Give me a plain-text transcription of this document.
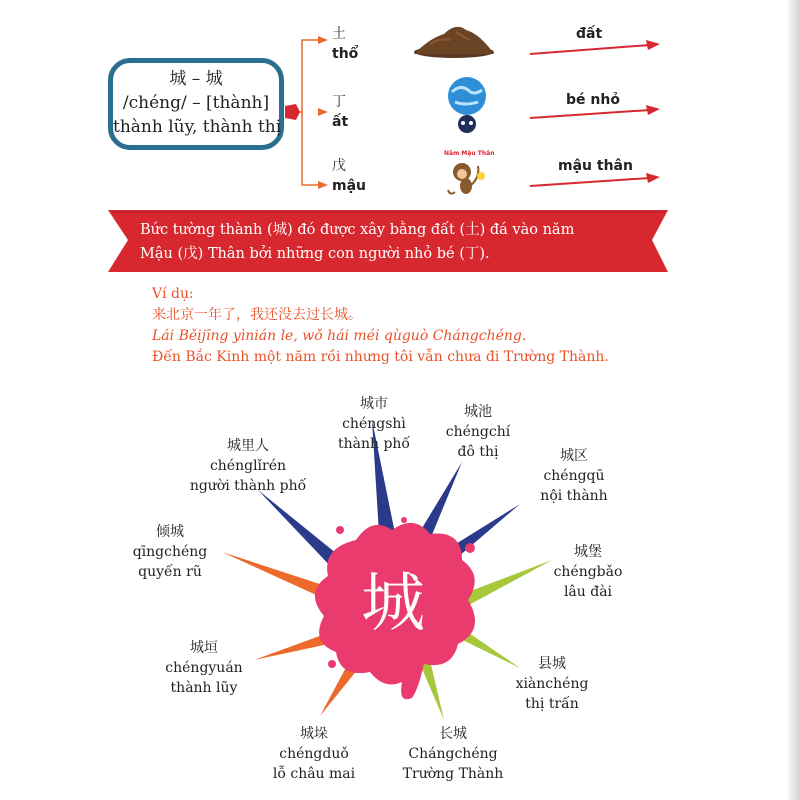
城 – 城
/chéng/ – [thành]
thành lũy, thành thị
土
thổ
丁
ất
戊
mậu
Năm Mậu Thân
đất
bé nhỏ
mậu thân
Bức tường thành (城) đó được xây bằng đất (土) đá vào năm
Mậu (戊) Thân bởi những con người nhỏ bé (丁).
Ví dụ:
来北京一年了，我还没去过长城。
Lái Běijīng yìnián le, wǒ hái méi qùguò Chángchéng.
Đến Bắc Kinh một năm rồi nhưng tôi vẫn chưa đi Trường Thành.
城
城市
chéngshì
thành phố
城池
chéngchí
đô thị	城区
chéngqū
nội thành
城堡
chéngbǎo
lâu đài
县城
xiànchéng
thị trấn
长城
Chángchéng
Trường Thành
城垛
chéngduǒ
lỗ châu mai
城垣
chéngyuán
thành lũy
倾城
qīngchéng
quyến rũ
城里人
chénglǐrén
người thành phố
